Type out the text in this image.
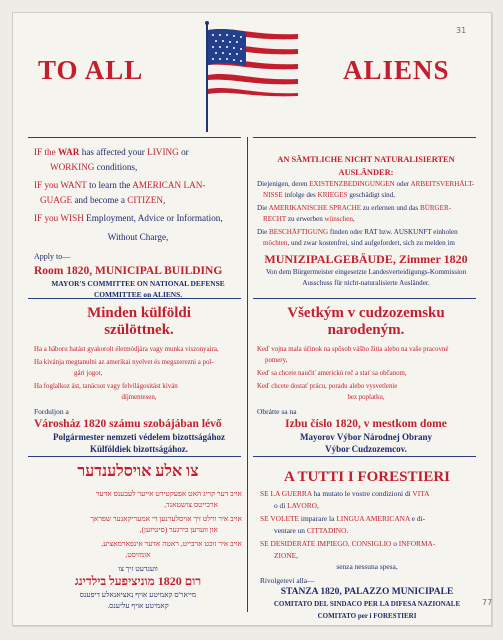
31
77
TO ALL	ALIENS

IF the WAR has affected your LIVING or

WORKING conditions,

IF you WANT to learn the AMERICAN LAN-

GUAGE and become a CITIZEN,

IF you WISH Employment, Advice or Information,

Without Charge,

Apply to—

Room 1820, MUNICIPAL BUILDING

MAYOR'S COMMITTEE ON NATIONAL DEFENSE

COMMITTEE on ALIENS.

AN SÄMTLICHE NICHT NATURALISIERTEN AUSLÄNDER:

Diejenigen, deren EXISTENZBEDINGUNGEN oder ARBEITSVERHÄLT-

NISSE infolge des KRIEGES geschädigt sind,

Die AMERIKANISCHE SPRACHE zu erlernen und das BÜRGER-

RECHT zu erwerben wünschen,

Die BESCHÄFTIGUNG finden oder RAT bzw. AUSKUNFT einholen

möchten, und zwar kostenfrei, sind aufgefordert, sich zu melden im

MUNIZIPALGEBÄUDE, Zimmer 1820

Von dem Bürgermeister eingesetzte Landesverteidigungs-Kommission

Ausschuss für nicht-naturalisierte Ausländer.

Minden külföldi

szülöttnek.

Ha a háboru hatást gyakorolt életmódjára vagy munka viszonyaira,

Ha kivánja megtanulni az amerikai nyelvet és megszerezni a pol-

gári jogot,

Ha foglalkoz ást, tanácsot vagy felvilágositást kiván

díjmentesen,

Forduljon a

Városház 1820 számu szobájában lévő

Polgármester nemzeti védelem bizottságához

Külföldiek bizottságához.

Všetkým v cudzozemsku

narodeným.

Keď vojna mala účinok na spôsob vášho žitia alebo na vaše pracovné

pomery,

Keď sa chcete naučiť americkú reč a stať sa občanom,

Keď chcete dostať prácu, poradu alebo vysvetlenie

bez poplatku,

Obrátte sa na

Izbu číslo 1820, v mestkom dome

Mayorov Výbor Národnej Obrany

Výbor Cudzozemcov.

צו אלע אויסלענדער

אויב דער קריג האט אפעקטירט אייער לעבענס אדער

ארבייטס צושטאנד,

אויב איר ווילט זיך אויסלערנען די אמעריקאנער שפראך

און ווערען בירגער (סיטיזען),

אויב איר זוכט ארבייט, ראטה אדער אינפארמאציע,

אומזיסט,

ווענדעט זיך צו

רום 1820 מוניציפעל בילדינג

מייאר'ס קאמיטע אויף נאציאנאלע דיפענס

קאמיטע אויף עליענס.

A TUTTI I FORESTIERI

SE LA GUERRA ha mutato le vostre condizioni di VITA

o di LAVORO,

SE VOLETE imparare la LINGUA AMERICANA e di-

ventare un CITTADINO.

SE DESIDERATE IMPIEGO, CONSIGLIO o INFORMA-

ZIONE,

senza nessuna spesa,

Rivolgetevi alla—

STANZA 1820, PALAZZO MUNICIPALE

COMITATO DEL SINDACO PER LA DIFESA NAZIONALE

COMITATO per i FORESTIERI
